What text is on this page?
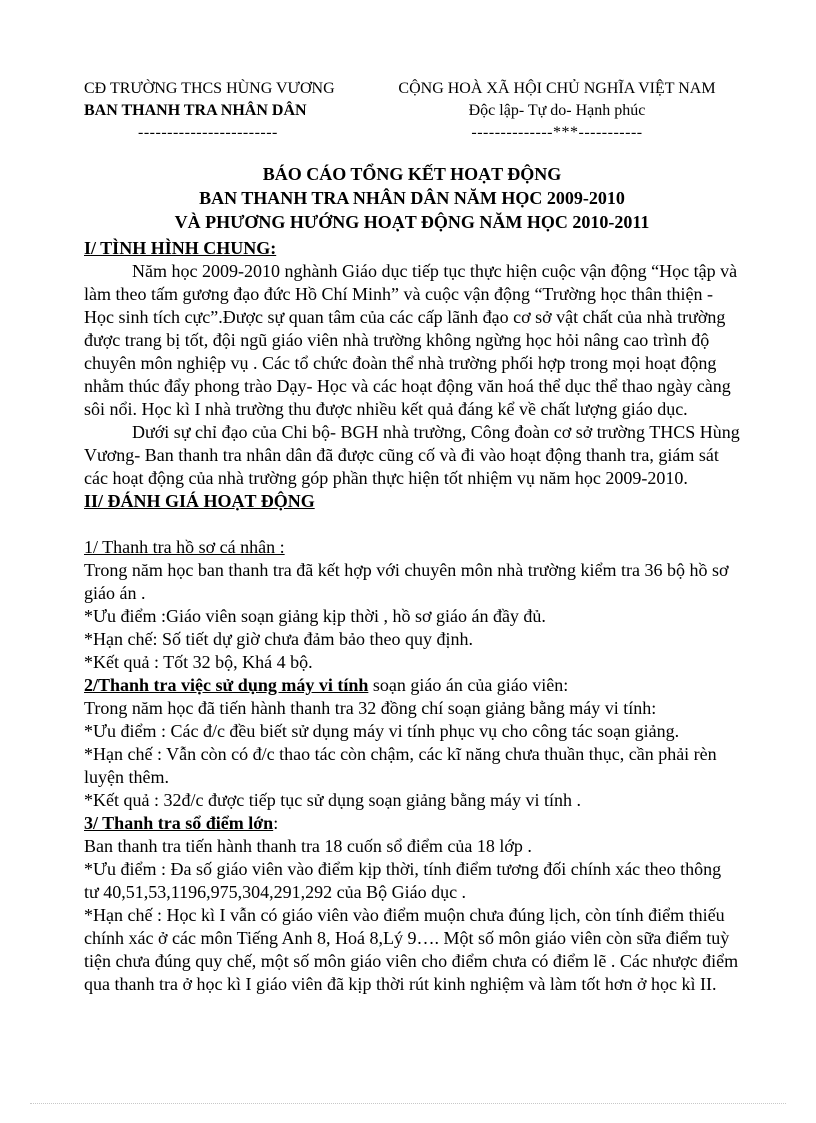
CĐ TRƯỜNG THCS HÙNG VƯƠNG
BAN THANH TRA NHÂN DÂN
------------------------
CỘNG HOÀ XÃ HỘI CHỦ NGHĨA VIỆT NAM
Độc lập- Tự do- Hạnh phúc
--------------***-----------
BÁO CÁO TỔNG KẾT HOẠT ĐỘNG
BAN THANH TRA NHÂN DÂN NĂM HỌC 2009-2010
VÀ PHƯƠNG HƯỚNG HOẠT ĐỘNG NĂM HỌC 2010-2011

I/ TÌNH HÌNH CHUNG:

Năm học 2009-2010 nghành Giáo dục tiếp tục thực hiện cuộc vận động “Học tập và làm theo tấm gương đạo đức Hồ Chí Minh” và cuộc vận động “Trường học thân thiện - Học sinh tích cực”.Được sự quan tâm của các cấp lãnh đạo cơ sở vật chất của nhà trường được trang bị tốt, đội ngũ giáo viên nhà trường không ngừng học hỏi nâng cao trình độ chuyên môn nghiệp vụ . Các tổ chức đoàn thể nhà trường phối hợp trong mọi hoạt động nhằm thúc đẩy phong trào Dạy- Học và các hoạt động văn hoá thể dục thể thao ngày càng sôi nổi. Học kì I nhà trường thu được nhiều kết quả đáng kể về chất lượng giáo dục.

Dưới sự chỉ đạo của Chi bộ- BGH nhà trường, Công đoàn cơ sở trường THCS Hùng Vương- Ban thanh tra nhân dân đã được cũng cố và đi vào hoạt động thanh tra, giám sát các hoạt động của nhà trường góp phần thực hiện tốt nhiệm vụ năm học 2009-2010.

II/ ĐÁNH GIÁ HOẠT ĐỘNG

1/ Thanh tra hồ sơ cá nhân :

Trong năm học ban thanh tra đã kết hợp với chuyên môn nhà trường kiểm tra 36 bộ hồ sơ giáo án .

*Ưu điểm :Giáo viên soạn giảng kịp thời , hồ sơ giáo án đầy đủ.

*Hạn chế: Số tiết dự giờ chưa đảm bảo theo quy định.

*Kết quả : Tốt 32 bộ, Khá 4 bộ.

2/Thanh tra việc sử dụng máy vi tính soạn giáo án của giáo viên:

Trong năm học đã tiến hành thanh tra 32 đồng chí soạn giảng bằng máy vi tính:

*Ưu điểm : Các đ/c đều biết sử dụng máy vi tính phục vụ cho công tác soạn giảng.

*Hạn chế : Vẫn còn có đ/c thao tác còn chậm, các kĩ năng chưa thuần thục, cần phải rèn luyện thêm.

*Kết quả : 32đ/c được tiếp tục sử dụng soạn giảng bằng máy vi tính .

3/ Thanh tra sổ điểm lớn:

Ban thanh tra tiến hành thanh tra 18 cuốn sổ điểm của 18 lớp .

*Ưu điểm : Đa số giáo viên vào điểm kịp thời, tính điểm tương đối chính xác theo thông tư 40,51,53,1196,975,304,291,292 của Bộ Giáo dục .

*Hạn chế : Học kì I vẫn có giáo viên vào điểm muộn chưa đúng lịch, còn tính điểm thiếu chính xác ở các môn Tiếng Anh 8, Hoá 8,Lý 9…. Một số môn giáo viên còn sữa điểm tuỳ tiện chưa đúng quy chế, một số môn giáo viên cho điểm chưa có điểm lẽ . Các nhược điểm qua thanh tra ở học kì I giáo viên đã kịp thời rút kinh nghiệm và làm tốt hơn ở học kì II.
